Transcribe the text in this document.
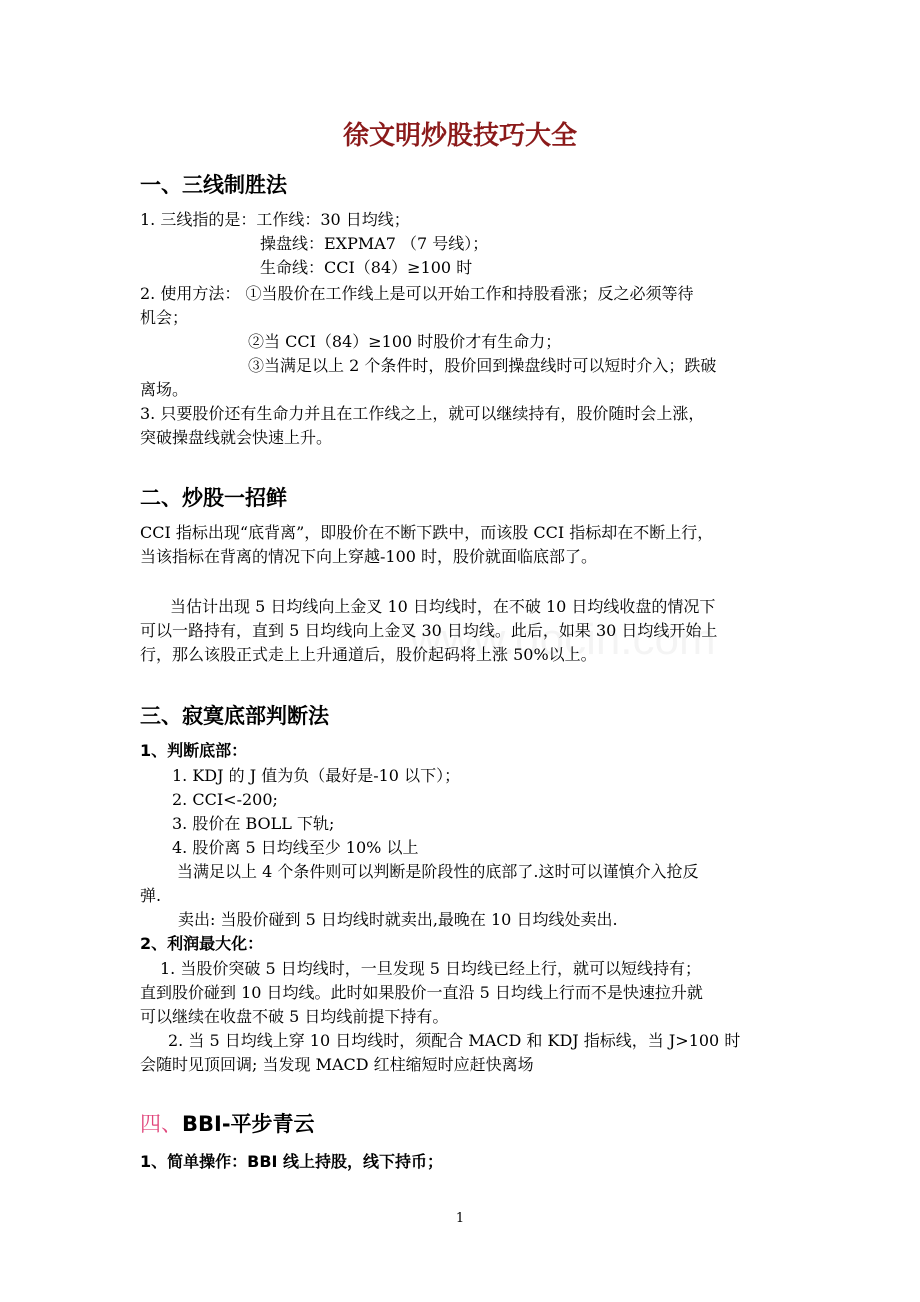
徐文明炒股技巧大全
一、三线制胜法
1. 三线指的是：工作线：30 日均线；
操盘线：EXPMA7 （7 号线）；
生命线：CCI（84）≥100 时
2. 使用方法： ①当股价在工作线上是可以开始工作和持股看涨；反之必须等待
机会；
②当 CCI（84）≥100 时股价才有生命力；
③当满足以上 2 个条件时，股价回到操盘线时可以短时介入；跌破
离场。
3. 只要股价还有生命力并且在工作线之上，就可以继续持有，股价随时会上涨，
突破操盘线就会快速上升。
二、炒股一招鲜
CCI 指标出现“底背离”，即股价在不断下跌中，而该股 CCI 指标却在不断上行，
当该指标在背离的情况下向上穿越-100 时，股价就面临底部了。
当估计出现 5 日均线向上金叉 10 日均线时，在不破 10 日均线收盘的情况下
可以一路持有，直到 5 日均线向上金叉 30 日均线。此后，如果 30 日均线开始上
行，那么该股正式走上上升通道后，股价起码将上涨 50%以上。
三、寂寞底部判断法
1、判断底部：
1. KDJ 的 J 值为负（最好是-10 以下）；
2. CCI<-200;
3. 股价在 BOLL 下轨;
4. 股价离 5 日均线至少 10% 以上
当满足以上 4 个条件则可以判断是阶段性的底部了.这时可以谨慎介入抢反
弹.
卖出: 当股价碰到 5 日均线时就卖出,最晚在 10 日均线处卖出.
2、利润最大化：
1. 当股价突破 5 日均线时，一旦发现 5 日均线已经上行，就可以短线持有；
直到股价碰到 10 日均线。此时如果股价一直沿 5 日均线上行而不是快速拉升就
可以继续在收盘不破 5 日均线前提下持有。
2. 当 5 日均线上穿 10 日均线时，须配合 MACD 和 KDJ 指标线，当 J>100 时
会随时见顶回调; 当发现 MACD 红柱缩短时应赶快离场
四、BBI-平步青云
1、简单操作：BBI 线上持股，线下持币；
1
